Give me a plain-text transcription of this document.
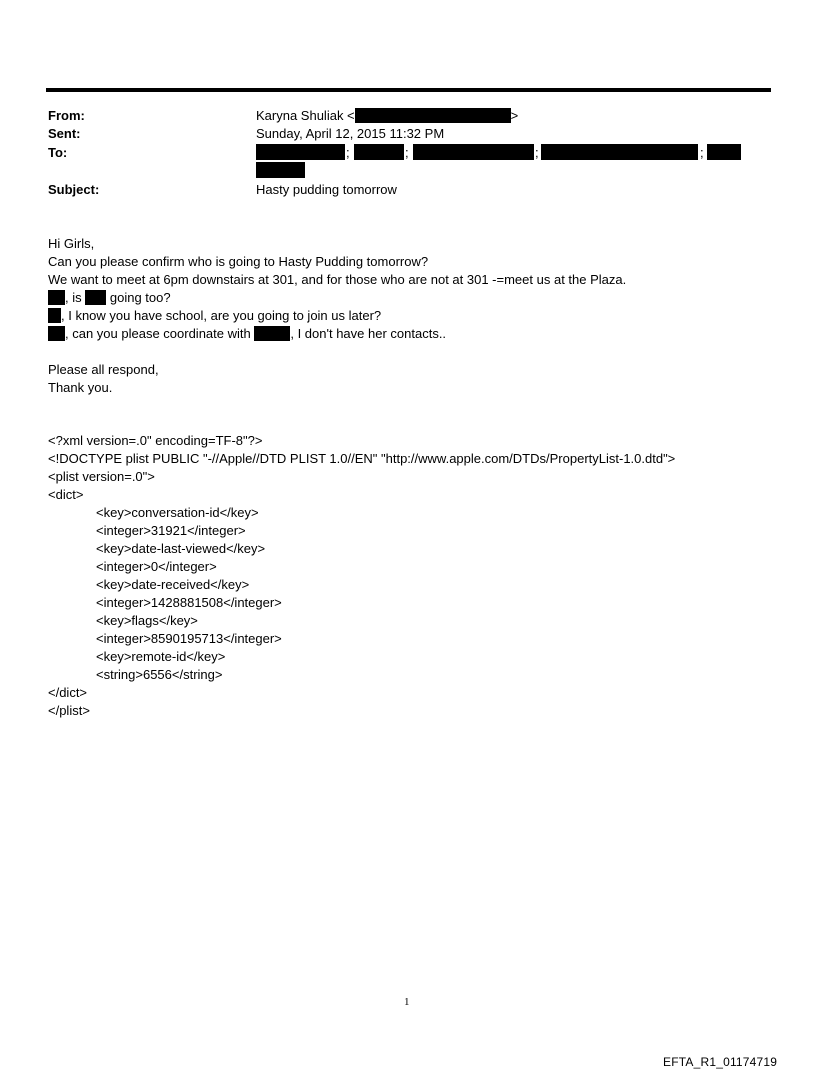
From:	Karyna Shuliak <	>
Sent:	Sunday, April 12, 2015 11:32 PM
To:	;	;	;	;
Subject:	Hasty pudding tomorrow
Hi Girls,
Can you please confirm who is going to Hasty Pudding tomorrow?
We want to meet at 6pm downstairs at 301, and for those who are not at 301 -=meet us at the Plaza.
, is  going too?
, I know you have school, are you going to join us later?
, can you please coordinate with	, I don't have her contacts..
Please all respond,
Thank you.
<?xml version=.0" encoding=TF-8"?>
<!DOCTYPE plist PUBLIC "-//Apple//DTD PLIST 1.0//EN" "http://www.apple.com/DTDs/PropertyList-1.0.dtd">
<plist version=.0">
<dict>
<key>conversation-id</key>
<integer>31921</integer>
<key>date-last-viewed</key>
<integer>0</integer>
<key>date-received</key>
<integer>1428881508</integer>
<key>flags</key>
<integer>8590195713</integer>
<key>remote-id</key>
<string>6556</string>
</dict>
</plist>
1
EFTA_R1_01174719
